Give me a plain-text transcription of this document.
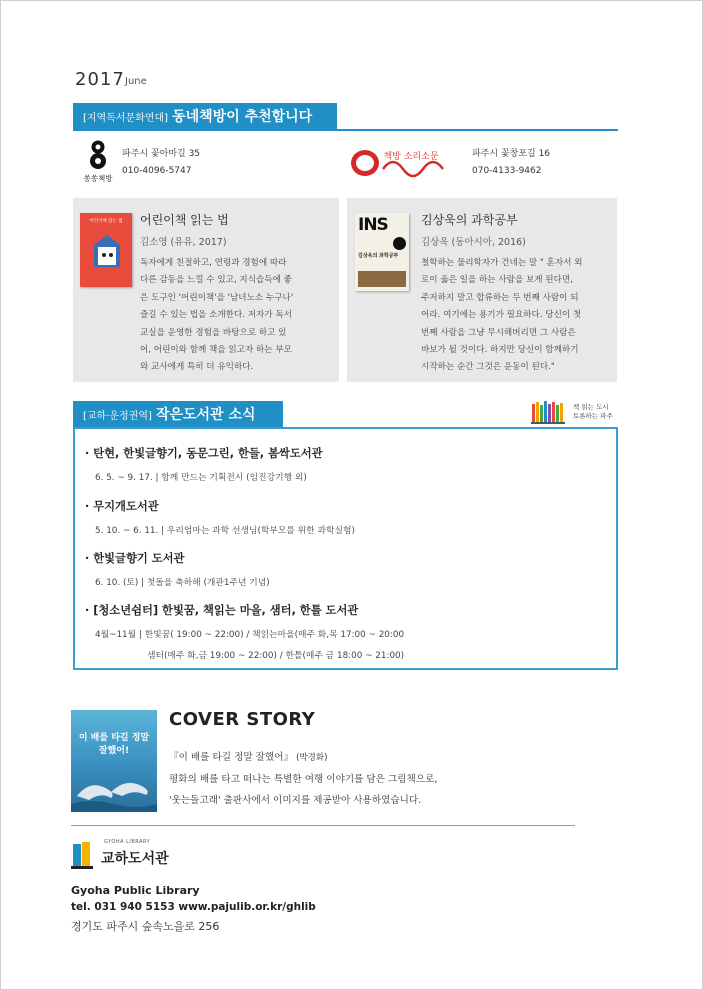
2017 June
[지역독서문화연대] 동네책방이 추천합니다
쏭쏭책방
파주시 꽃아마길 35
010-4096-5747
책방 소리소문	파주시 꽃창포길 16
070-4133-9462
어린이책 읽는 법	어린이책 읽는 법
김소영 (유유, 2017)
독자에게 친절하고, 연령과 경험에 따라
다른 감동을 느낄 수 있고, 지식습득에 좋
은 도구인 '어린이책'을 '남녀노소 누구나'
즐길 수 있는 법을 소개한다. 저자가 독서
교실을 운영한 경험을 바탕으로 하고 있
어, 어린이와 함께 책을 읽고자 하는 부모
와 교사에게 특히 더 유익하다.
INS
김상욱의 과학공부
김상욱의 과학공부
김상욱 (동아시아, 2016)
철학하는 물리학자가 건네는 말 " 혼자서 외
로이 옳은 일을 하는 사람을 보게 된다면,
주저하지 말고 합류하는 두 번째 사람이 되
어라. 여기에는 용기가 필요하다. 당신이 첫
번째 사람을 그냥 무시해버리면 그 사람은
바보가 될 것이다. 하지만 당신이 함께하기
시작하는 순간 그것은 운동이 된다."
[교하·운정권역] 작은도서관 소식	책 읽는 도시
토론하는 파주
· 탄현, 한빛글향기, 동문그린, 한들, 봄싹도서관
6. 5. ~ 9. 17. | 함께 만드는 기획전시 (임진강기행 외)
· 무지개도서관
5. 10. ~ 6. 11. | 우리엄마는 과학 선생님(학부모를 위한 과학실험)
· 한빛글향기 도서관
6. 10. (토) | 첫돌을 축하해 (개관1주년 기념)
· [청소년쉼터] 한빛꿈, 책읽는 마을, 샘터, 한틀 도서관
4월~11월 | 한빛꿈( 19:00 ~ 22:00) / 책읽는마을(매주 화,목 17:00 ~ 20:00
샘터(매주 화,금 19:00 ~ 22:00) / 한틀(매주 금 18:00 ~ 21:00)
이 배를 타길 정말 잘했어!
COVER STORY
『이 배를 타길 정말 잘했어』 (박경화)
평화의 배를 타고 떠나는 특별한 여행 이야기를 담은 그림책으로,
'웃는돌고래' 출판사에서 이미지를 제공받아 사용하였습니다.
GYOHA LIBRARY
교하도서관
Gyoha Public Library
tel. 031 940 5153 www.pajulib.or.kr/ghlib
경기도 파주시 숲속노을로 256
